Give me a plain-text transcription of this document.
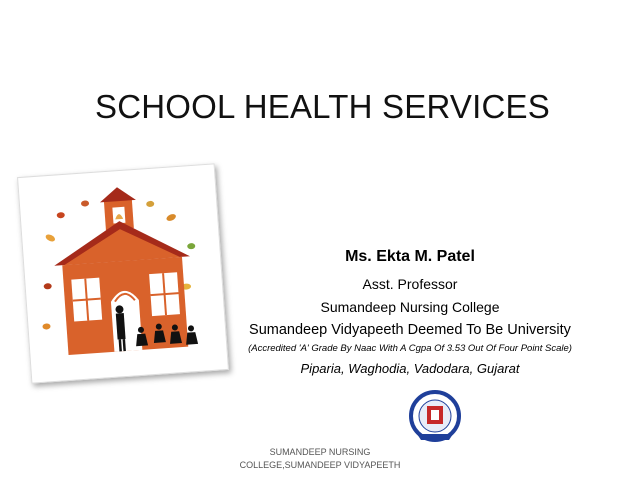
SCHOOL HEALTH SERVICES
Ms. Ekta M. Patel
Asst. Professor
Sumandeep Nursing College
Sumandeep Vidyapeeth Deemed To Be University
(Accredited 'A' Grade By Naac With A Cgpa Of 3.53 Out Of Four Point Scale)
Piparia, Waghodia, Vadodara, Gujarat
SUMANDEEP NURSING
COLLEGE,SUMANDEEP VIDYAPEETH
